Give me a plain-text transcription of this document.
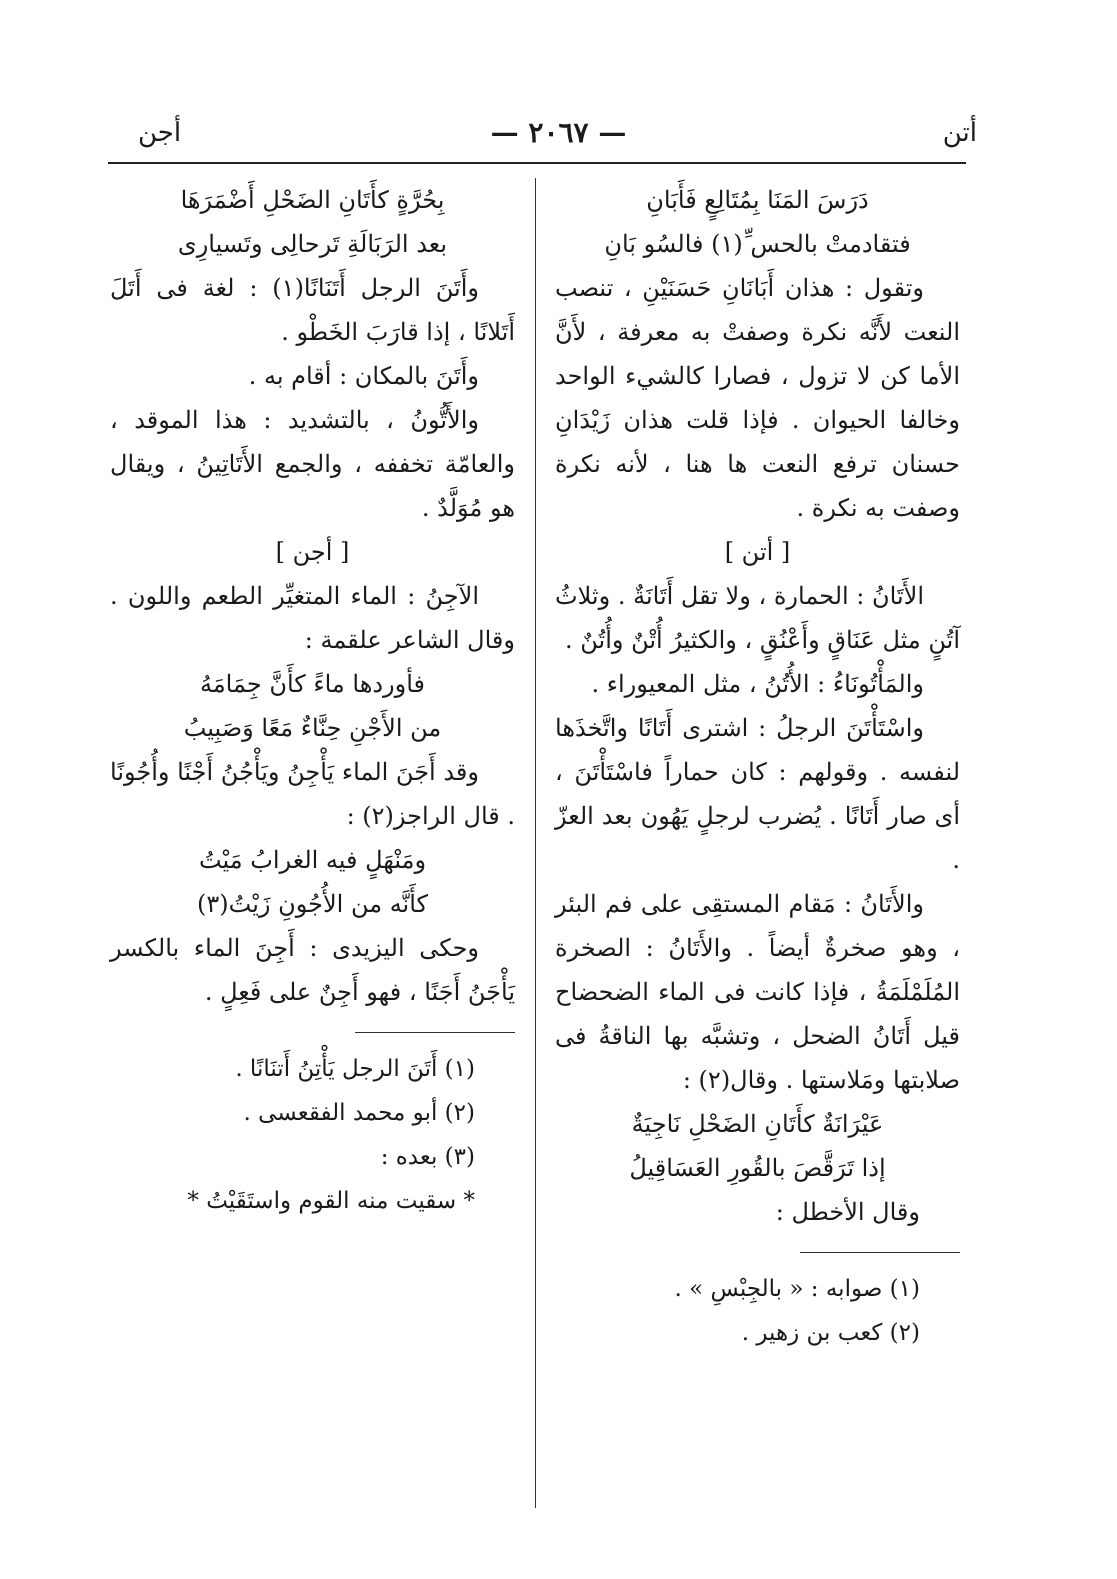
أتن
— ٢٠٦٧ —
أجن

دَرَسَ المَنَا بِمُتَالِعٍ فَأَبَانِ

فتقادمتْ بالحس ِّ(١) فالسُو بَانِ

وتقول : هذان أَبَانَانِ حَسَنَيْنِ ، تنصب النعت لأَنَّه نكرة وصفتْ به معرفة ، لأَنَّ الأما كن لا تزول ، فصارا كالشيء الواحد وخالفا الحيوان . فإذا قلت هذان زَيْدَانِ حسنان ترفع النعت ها هنا ، لأنه نكرة وصفت به نكرة .

[ أتن ]

الأَتَانُ : الحمارة ، ولا تقل أَتَانَةٌ . وثلاثُ آتُنٍ مثل عَنَاقٍ وأَعْنُقٍ ، والكثيرُ أُتْنٌ وأُتُنٌ .

والمَأْتُونَاءُ : الأُتُنُ ، مثل المعيوراء .

واسْتَأْتَنَ الرجلُ : اشترى أَتَانًا واتَّخذَها لنفسه . وقولهم : كان حماراً فاسْتَأْتَنَ ، أى صار أَتَانًا . يُضرب لرجلٍ يَهُون بعد العزّ .

والأَتَانُ : مَقام المستقِى على فم البئر ، وهو صخرةٌ أيضاً . والأَتَانُ : الصخرة المُلَمْلَمَةُ ، فإذا كانت فى الماء الضحضاح قيل أَتَانُ الضحل ، وتشبَّه بها الناقةُ فى صلابتها ومَلاستها . وقال(٢) :

عَيْرَانَةٌ كأَتَانِ الضَحْلِ نَاجِيَةٌ

إذا تَرَقَّصَ بالقُورِ العَسَاقِيلُ

وقال الأخطل :

(١) صوابه : « بالجِبْسِ » .

(٢) كعب بن زهير .

بِحُرَّةٍ كأَتَانِ الضَحْلِ أَضْمَرَهَا

بعد الرَبَالَةِ تَرحالِى وتَسيارِى

وأَتَنَ الرجل أَتَنَانًا(١) : لغة فى أَتَلَ أَتَلانًا ، إذا قارَبَ الخَطْو .

وأَتَنَ بالمكان : أقام به .

والأَتُّونُ ، بالتشديد : هذا الموقد ، والعامّة تخففه ، والجمع الأَتَاتِينُ ، ويقال هو مُوَلَّدٌ .

[ أجن ]

الآجِنُ : الماء المتغيِّر الطعم واللون . وقال الشاعر علقمة :

فأوردها ماءً كأَنَّ جِمَامَهُ

من الأَجْنِ حِنَّاءٌ مَعًا وَصَبِيبُ

وقد أَجَنَ الماء يَأْجِنُ ويَأْجُنُ أَجْنًا وأُجُونًا . قال الراجز(٢) :

ومَنْهَلٍ فيه الغرابُ مَيْتُ

كأَنَّه من الأُجُونِ زَيْتُ(٣)

وحكى اليزيدى : أَجِنَ الماء بالكسر يَأْجَنُ أَجَنًا ، فهو أَجِنٌ على فَعِلٍ .

(١) أَتَنَ الرجل يَأْتِنُ أَتنَانًا .

(٢) أبو محمد الفقعسى .

(٣) بعده :

* سقيت منه القوم واستَقَيْتُ *
